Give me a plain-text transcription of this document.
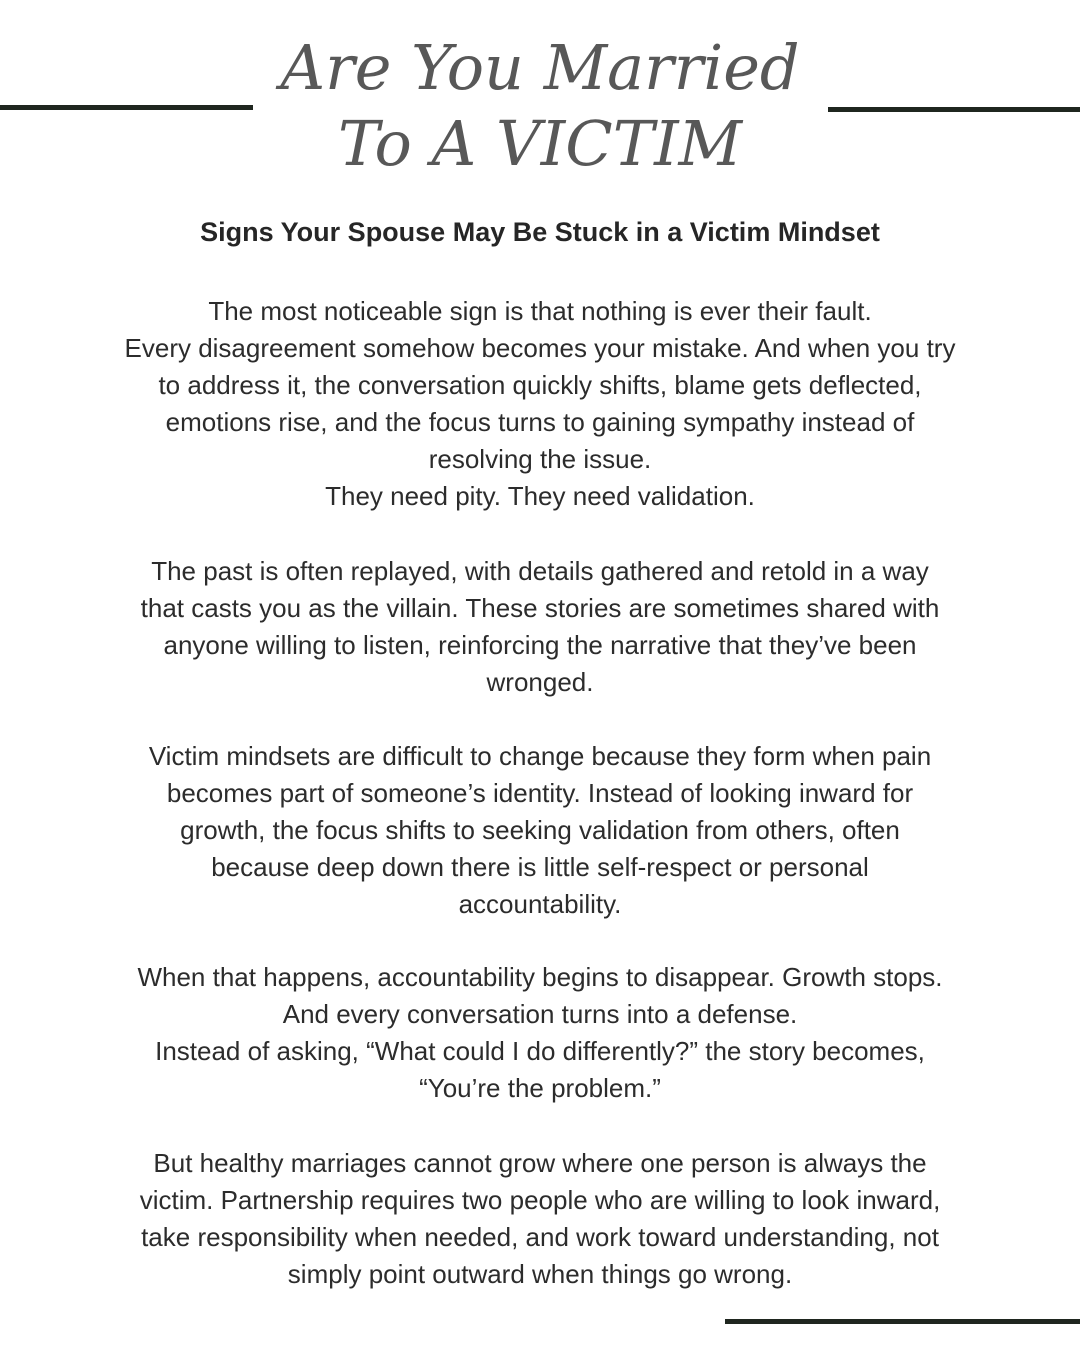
Are You Married
To A VICTIM
Signs Your Spouse May Be Stuck in a Victim Mindset

The most noticeable sign is that nothing is ever their fault.
Every disagreement somehow becomes your mistake. And when you try
to address it, the conversation quickly shifts, blame gets deflected,
emotions rise, and the focus turns to gaining sympathy instead of
resolving the issue.
They need pity. They need validation.

The past is often replayed, with details gathered and retold in a way
that casts you as the villain. These stories are sometimes shared with
anyone willing to listen, reinforcing the narrative that they’ve been
wronged.

Victim mindsets are difficult to change because they form when pain
becomes part of someone’s identity. Instead of looking inward for
growth, the focus shifts to seeking validation from others, often
because deep down there is little self-respect or personal
accountability.

When that happens, accountability begins to disappear. Growth stops.
And every conversation turns into a defense.
Instead of asking, “What could I do differently?” the story becomes,
“You’re the problem.”

But healthy marriages cannot grow where one person is always the
victim. Partnership requires two people who are willing to look inward,
take responsibility when needed, and work toward understanding, not
simply point outward when things go wrong.
